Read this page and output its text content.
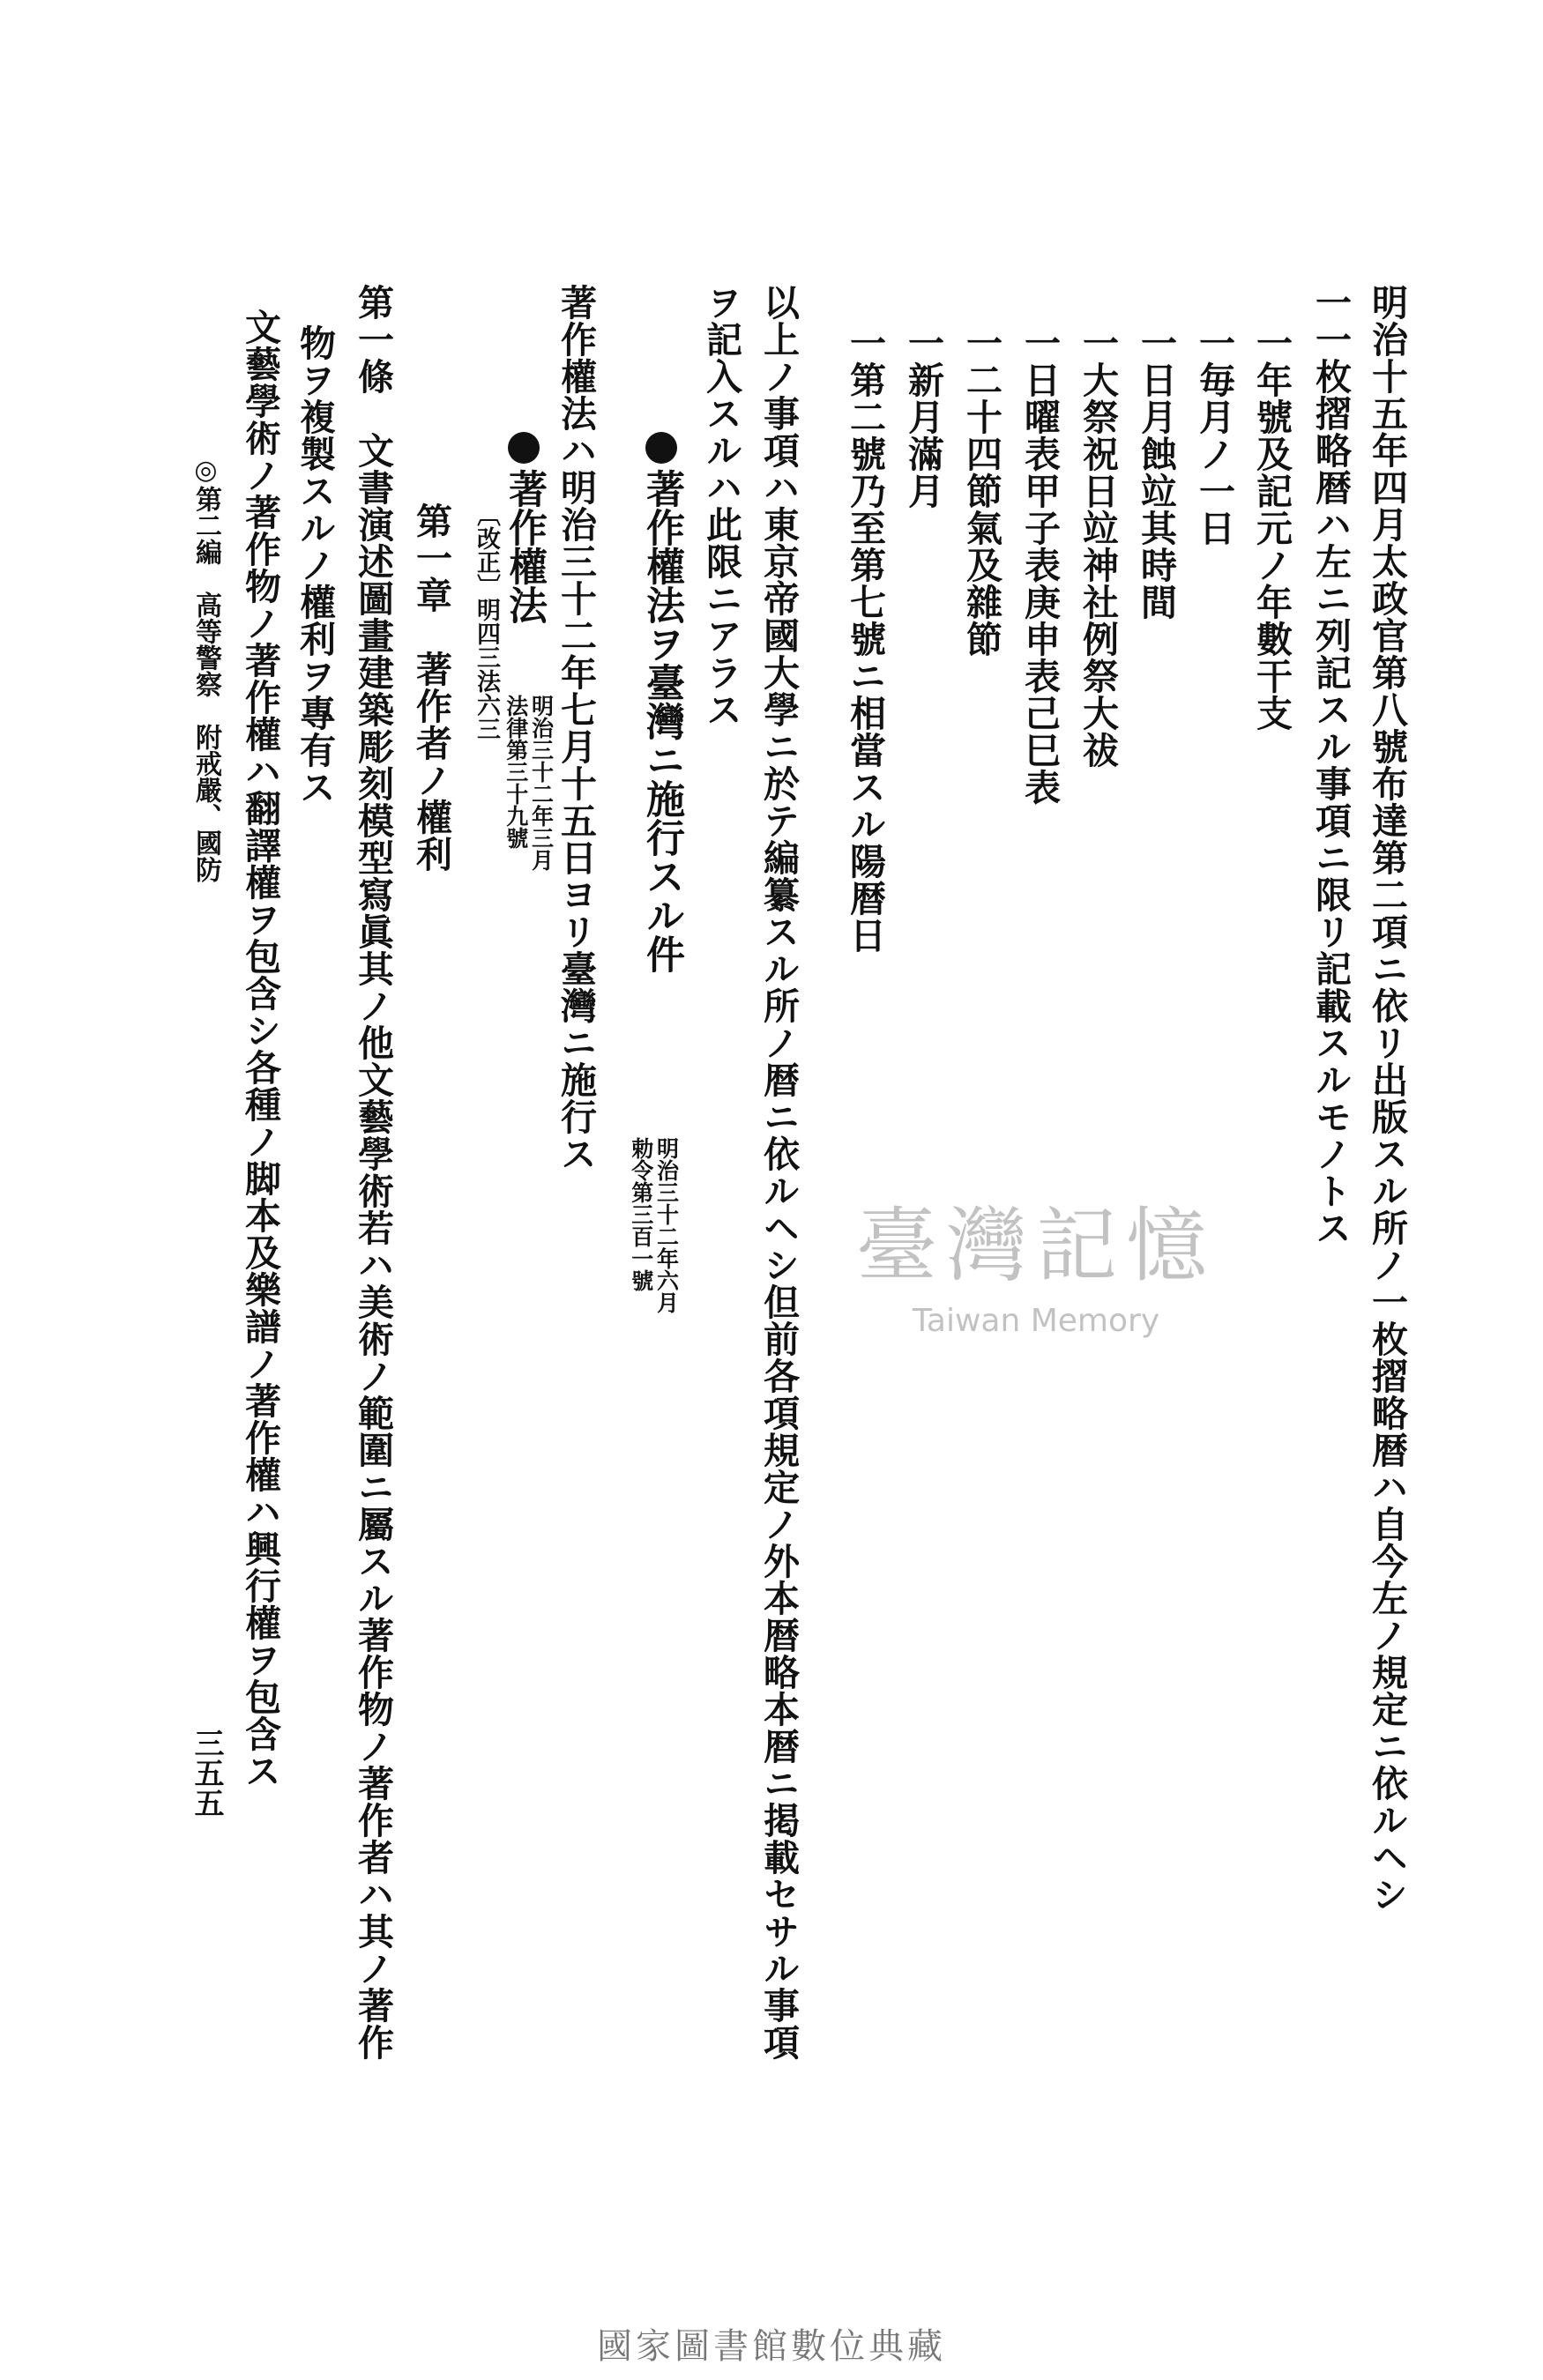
明治十五年四月太政官第八號布達第二項ニ依リ出版スル所ノ一枚摺略暦ハ自今左ノ規定ニ依ルヘシ
一一枚摺略暦ハ左ニ列記スル事項ニ限リ記載スルモノトス
一年號及記元ノ年數干支
一毎月ノ一日
一日月蝕竝其時間
一大祭祝日竝神社例祭大祓
一日曜表甲子表庚申表己巳表
一二十四節氣及雜節
一新月滿月
一第二號乃至第七號ニ相當スル陽暦日
以上ノ事項ハ東京帝國大學ニ於テ編纂スル所ノ暦ニ依ルヘシ但前各項規定ノ外本暦略本暦ニ掲載セサル事項
ヲ記入スルハ此限ニアラス
著作權法ヲ臺灣ニ施行スル件
明治三十二年六月
勅令第三百一號
著作權法ハ明治三十二年七月十五日ヨリ臺灣ニ施行ス
著作權法
明治三十二年三月
法律第三十九號
〔改正〕明四三法六三
第一章　著作者ノ權利
第一條　文書演述圖畫建築彫刻模型寫眞其ノ他文藝學術若ハ美術ノ範圍ニ屬スル著作物ノ著作者ハ其ノ著作
物ヲ複製スルノ權利ヲ專有ス
文藝學術ノ著作物ノ著作權ハ翻譯權ヲ包含シ各種ノ脚本及樂譜ノ著作權ハ興行權ヲ包含ス
◎第二編　高等警察　附戒嚴、國防
三五五
臺灣記憶
Taiwan Memory
國家圖書館數位典藏
